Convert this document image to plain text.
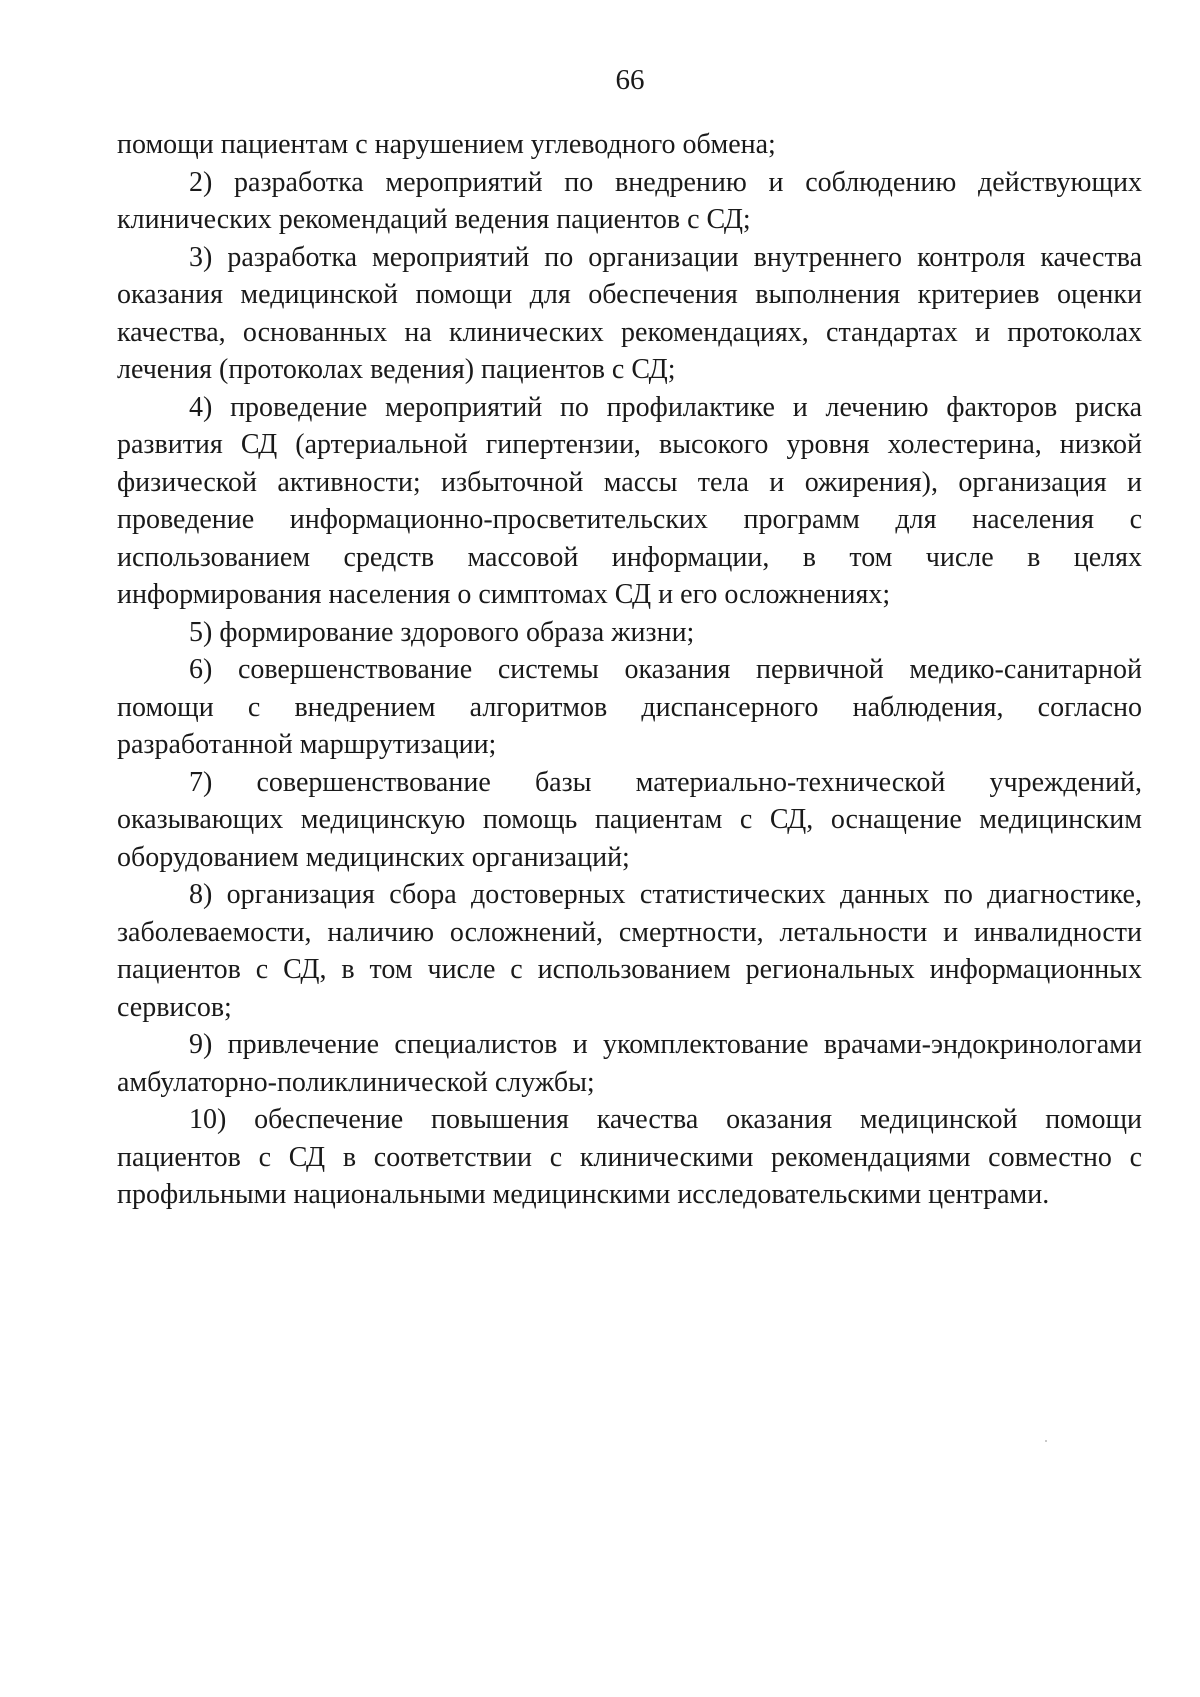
66

помощи пациентам с нарушением углеводного обмена;

2) разработка мероприятий по внедрению и соблюдению действующих клинических рекомендаций ведения пациентов с СД;

3) разработка мероприятий по организации внутреннего контроля качества оказания медицинской помощи для обеспечения выполнения критериев оценки качества, основанных на клинических рекомендациях, стандартах и протоколах лечения (протоколах ведения) пациентов с СД;

4) проведение мероприятий по профилактике и лечению факторов риска развития СД (артериальной гипертензии, высокого уровня холестерина, низкой физической активности; избыточной массы тела и ожирения), организация и проведение информационно-просветительских программ для населения с использованием средств массовой информации, в том числе в целях информирования населения о симптомах СД и его осложнениях;

5) формирование здорового образа жизни;

6) совершенствование системы оказания первичной медико-санитарной помощи с внедрением алгоритмов диспансерного наблюдения, согласно разработанной маршрутизации;

7) совершенствование базы материально-технической учреждений, оказывающих медицинскую помощь пациентам с СД, оснащение медицинским оборудованием медицинских организаций;

8) организация сбора достоверных статистических данных по диагностике, заболеваемости, наличию осложнений, смертности, летальности и инвалидности пациентов с СД, в том числе с использованием региональных информационных сервисов;

9) привлечение специалистов и укомплектование врачами-эндокринологами амбулаторно-поликлинической службы;

10) обеспечение повышения качества оказания медицинской помощи пациентов с СД в соответствии с клиническими рекомендациями совместно с профильными национальными медицинскими исследовательскими центрами.
